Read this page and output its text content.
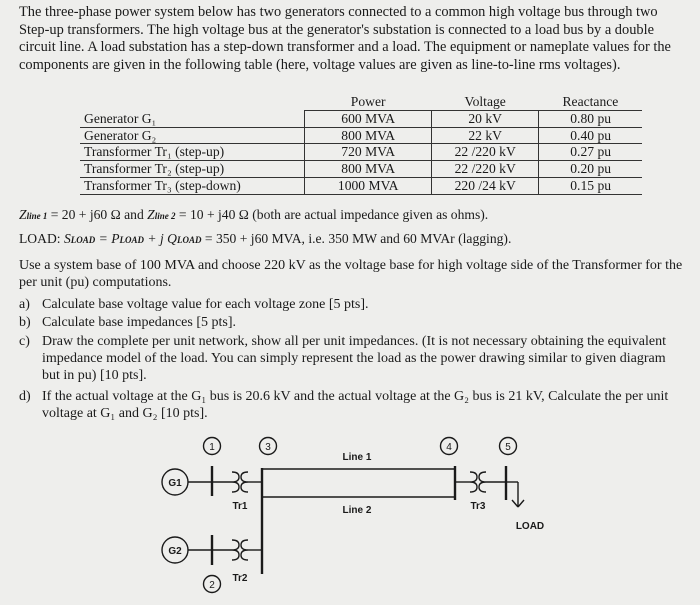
The three-phase power system below has two generators connected to a common high voltage bus through two Step-up transformers. The high voltage bus at the generator's substation is connected to a load bus by a double circuit line. A load substation has a step-down transformer and a load. The equipment or nameplate values for the components are given in the following table (here, voltage values are given as line-to-line rms voltages).
	Power	Voltage	Reactance
Generator G₁	600 MVA	20 kV	0.80 pu
Generator G₂	800 MVA	22 kV	0.40 pu
Transformer Tr₁ (step-up)	720 MVA	22 /220 kV	0.27 pu
Transformer Tr₂ (step-up)	800 MVA	22 /220 kV	0.20 pu
Transformer Tr₃ (step-down)	1000 MVA	220 /24 kV	0.15 pu
Zline 1 = 20 + j60 Ω and Zline 2 = 10 + j40 Ω (both are actual impedance given as ohms).
LOAD: SLOAD = PLOAD + j QLOAD = 350 + j60 MVA, i.e. 350 MW and 60 MVAr (lagging).
Use a system base of 100 MVA and choose 220 kV as the voltage base for high voltage side of the Transformer for the per unit (pu) computations.
a) Calculate base voltage value for each voltage zone [5 pts].
b) Calculate base impedances [5 pts].
c) Draw the complete per unit network, show all per unit impedances. (It is not necessary obtaining the equivalent impedance model of the load. You can simply represent the load as the power drawing similar to given diagram but in pu) [10 pts].
d) If the actual voltage at the G₁ bus is 20.6 kV and the actual voltage at the G₂ bus is 21 kV, Calculate the per unit voltage at G₁ and G₂ [10 pts].
1
2
3	4	5
G1
G2
Tr1
Tr2
Tr3
Line 1
Line 2
LOAD
